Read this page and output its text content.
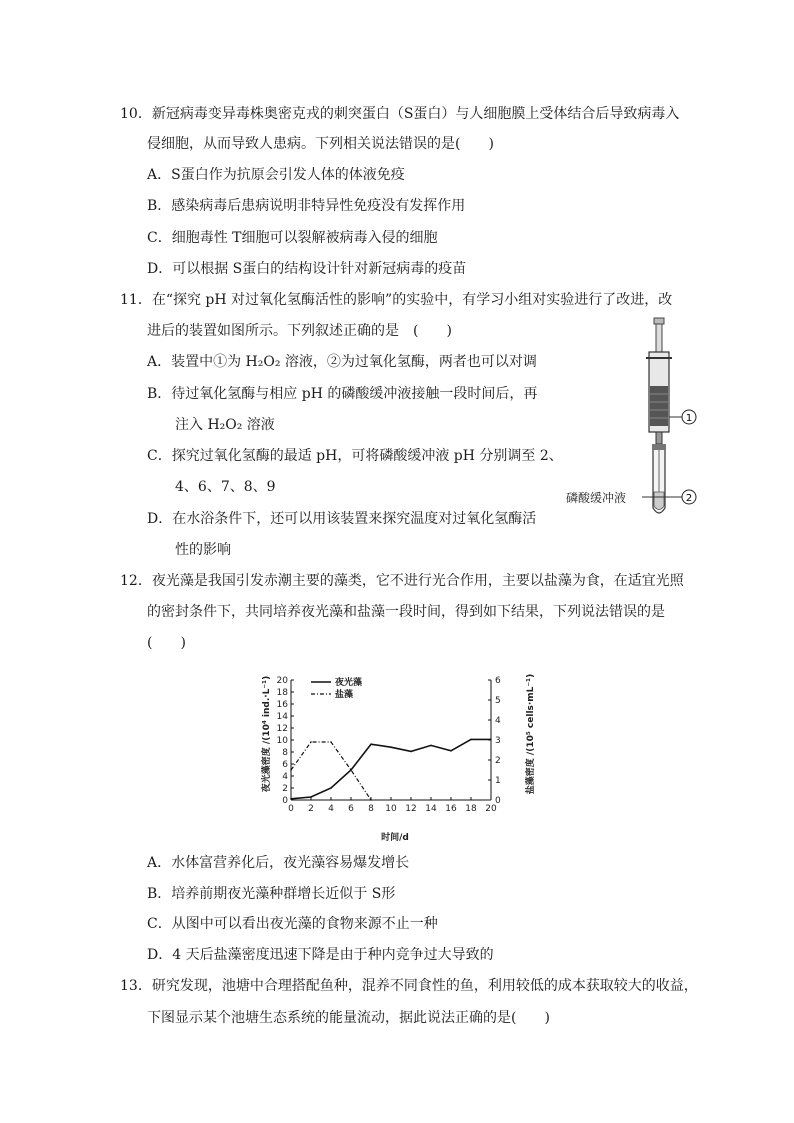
10．新冠病毒变异毒株奥密克戎的刺突蛋白（S蛋白）与人细胞膜上受体结合后导致病毒入
侵细胞，从而导致人患病。下列相关说法错误的是(　　)
A．S蛋白作为抗原会引发人体的体液免疫
B．感染病毒后患病说明非特异性免疫没有发挥作用
C．细胞毒性 T细胞可以裂解被病毒入侵的细胞
D．可以根据 S蛋白的结构设计针对新冠病毒的疫苗
11．在“探究 pH 对过氧化氢酶活性的影响”的实验中，有学习小组对实验进行了改进，改
进后的装置如图所示。下列叙述正确的是　(　　)
A．装置中①为 H₂O₂ 溶液，②为过氧化氢酶，两者也可以对调
B．待过氧化氢酶与相应 pH 的磷酸缓冲液接触一段时间后，再
注入 H₂O₂ 溶液
C．探究过氧化氢酶的最适 pH，可将磷酸缓冲液 pH 分别调至 2、
4、6、7、8、9
D．在水浴条件下，还可以用该装置来探究温度对过氧化氢酶活
性的影响
1
2
磷酸缓冲液
12．夜光藻是我国引发赤潮主要的藻类，它不进行光合作用，主要以盐藻为食，在适宜光照
的密封条件下，共同培养夜光藻和盐藻一段时间，得到如下结果，下列说法错误的是
(　　)
0 2 4 6 8 10 12 14 16 18 20
0
2
4
6
8
10
12
14
16
18
20
0
1
2
3
4
5
6
夜光藻
盐藻
时间/d
夜光藻密度 /(10⁴ ind.·L⁻¹)	盐藻密度 /(10⁵ cells·mL⁻¹)
A．水体富营养化后，夜光藻容易爆发增长
B．培养前期夜光藻种群增长近似于 S形
C．从图中可以看出夜光藻的食物来源不止一种
D．4 天后盐藻密度迅速下降是由于种内竞争过大导致的
13．研究发现，池塘中合理搭配鱼种，混养不同食性的鱼，利用较低的成本获取较大的收益，
下图显示某个池塘生态系统的能量流动，据此说法正确的是(　　)
